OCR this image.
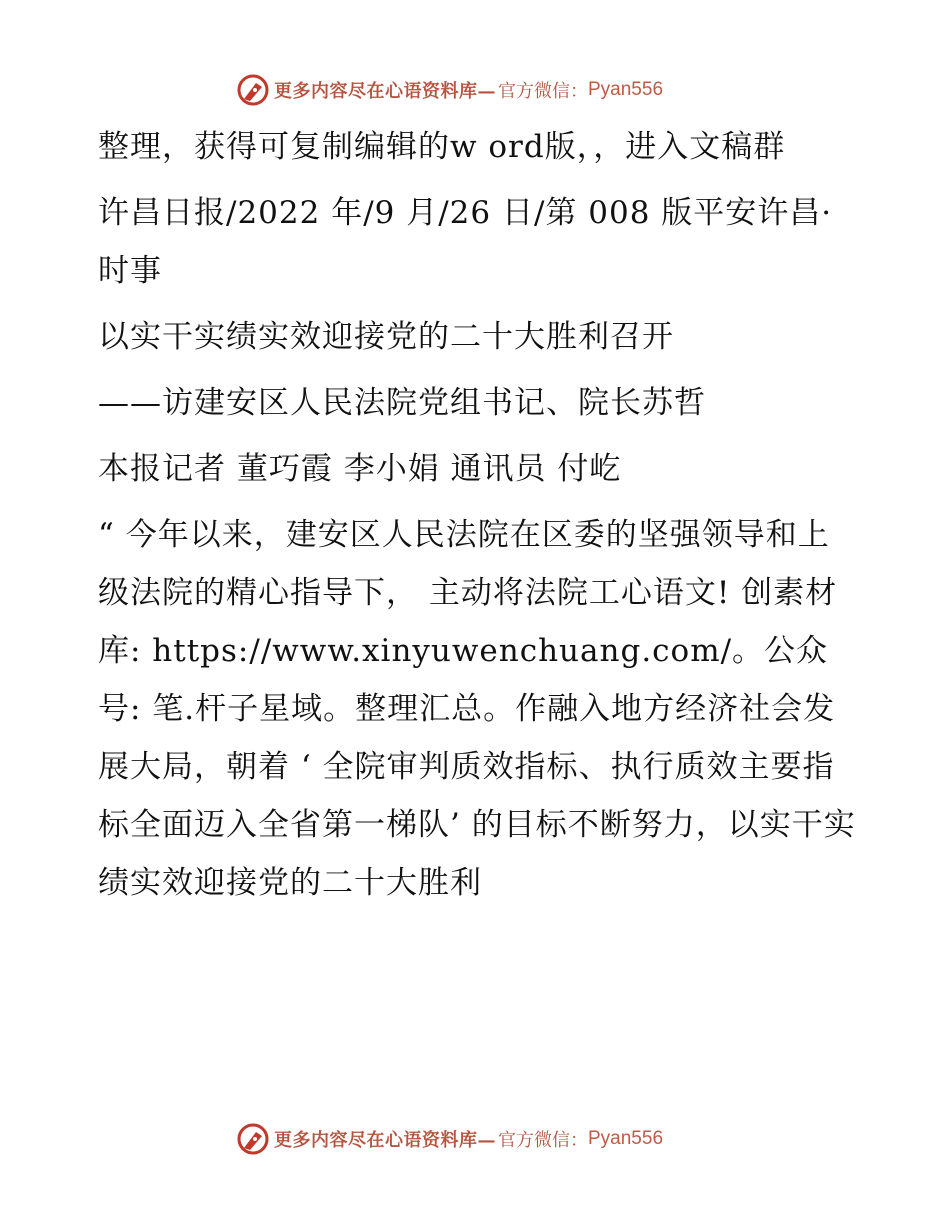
更多内容尽在心语资料库— 官方微信： Pyan556

整理，获得可复制编辑的w ord版，，进入文稿群

许昌日报/2022 年/9 月/26 日/第 008 版平安许昌· 时事

以实干实绩实效迎接党的二十大胜利召开

——访建安区人民法院党组书记、院长苏哲

本报记者 董巧霞 李小娟 通讯员 付屹

“ 今年以来，建安区人民法院在区委的坚强领导和上级法院的精心指导下， 主动将法院工心语文! 创素材库: https://www.xinyuwenchuang.com/。公众号: 笔.杆子星域。整理汇总。作融入地方经济社会发展大局，朝着 ‘ 全院审判质效指标、执行质效主要指标全面迈入全省第一梯队’ 的目标不断努力，以实干实绩实效迎接党的二十大胜利

更多内容尽在心语资料库— 官方微信： Pyan556
